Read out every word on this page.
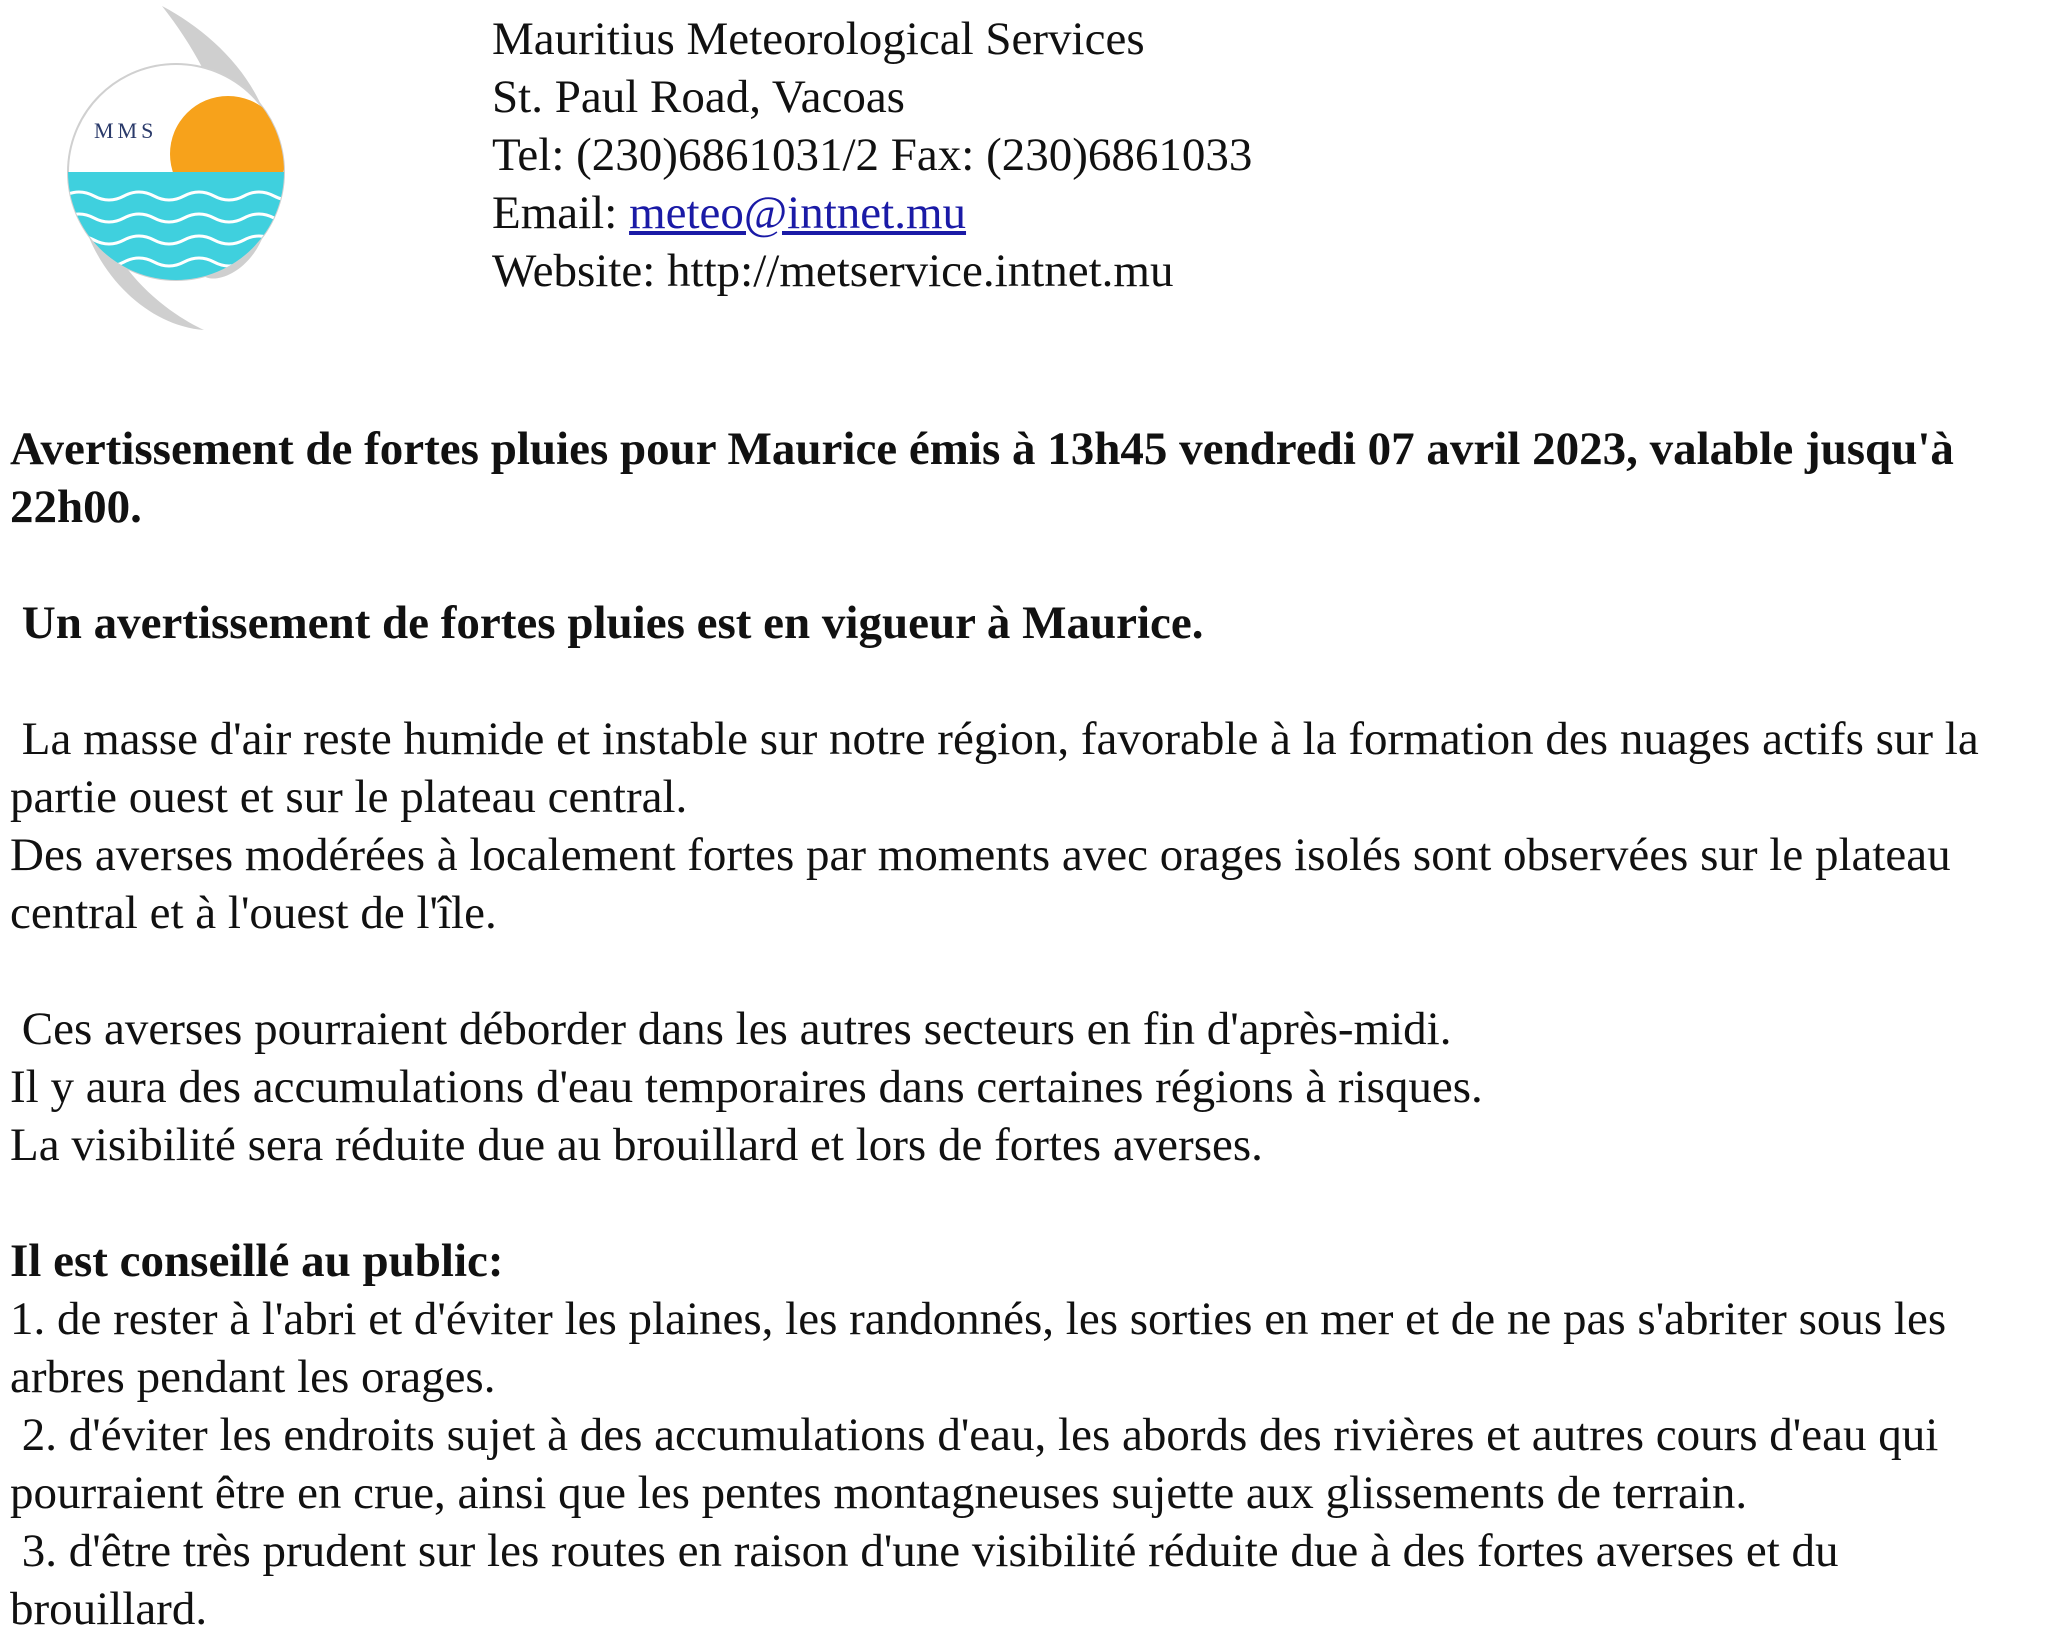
MMS
Mauritius Meteorological Services
St. Paul Road, Vacoas
Tel: (230)6861031/2 Fax: (230)6861033
Email: meteo@intnet.mu
Website: http://metservice.intnet.mu

Avertissement de fortes pluies pour Maurice émis à 13h45 vendredi 07 avril 2023, valable jusqu'à 22h00.

Un avertissement de fortes pluies est en vigueur à Maurice.

La masse d'air reste humide et instable sur notre région, favorable à la formation des nuages actifs sur la partie ouest et sur le plateau central.

Des averses modérées à localement fortes par moments avec orages isolés sont observées sur le plateau central et à l'ouest de l'île.

Ces averses pourraient déborder dans les autres secteurs en fin d'après-midi.

Il y aura des accumulations d'eau temporaires dans certaines régions à risques.

La visibilité sera réduite due au brouillard et lors de fortes averses.

Il est conseillé au public:

1. de rester à l'abri et d'éviter les plaines, les randonnés, les sorties en mer et de ne pas s'abriter sous les arbres pendant les orages.

2. d'éviter les endroits sujet à des accumulations d'eau, les abords des rivières et autres cours d'eau qui pourraient être en crue, ainsi que les pentes montagneuses sujette aux glissements de terrain.

3. d'être très prudent sur les routes en raison d'une visibilité réduite due à des fortes averses et du brouillard.
